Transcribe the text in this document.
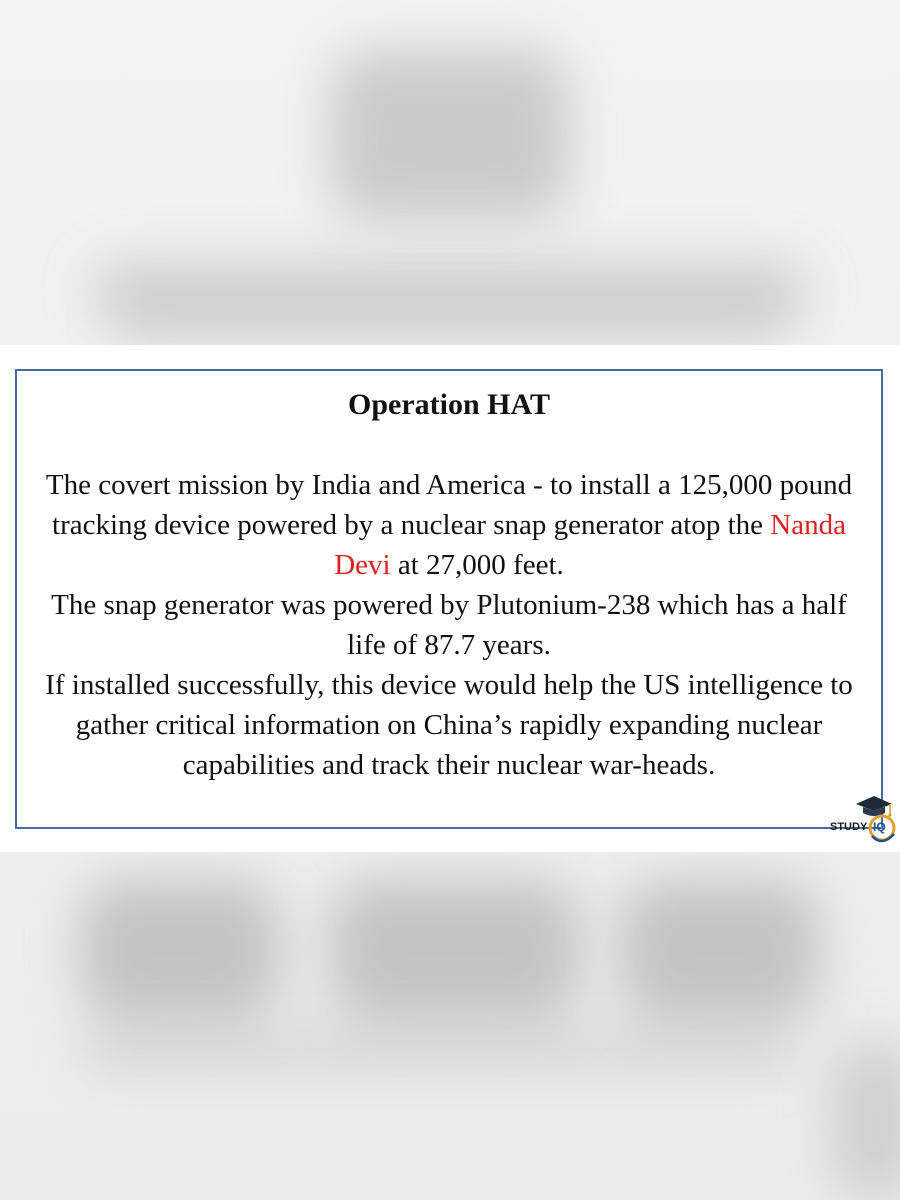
Operation HAT

The covert mission by India and America - to install a 125,000 pound tracking device powered by a nuclear snap generator atop the Nanda Devi at 27,000 feet.

The snap generator was powered by Plutonium-238 which has a half life of 87.7 years.

If installed successfully, this device would help the US intelligence to gather critical information on China’s rapidly expanding nuclear capabilities and track their nuclear war-heads.

STUDY IQ
